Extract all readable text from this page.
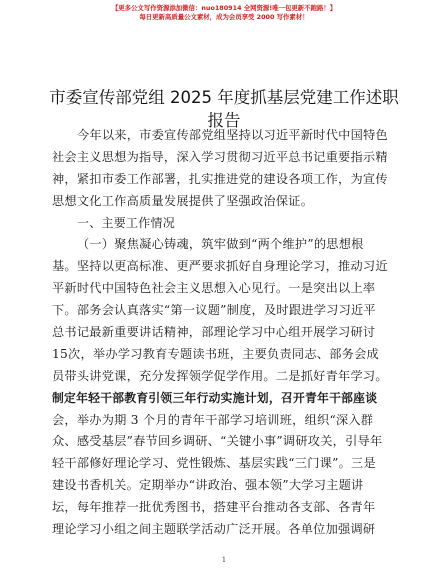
【更多公文写作资源添加微信：nuo180914 全网资源!唯一包更新不跑路！】
每日更新高质量公文素材，成为会员享受 2000 写作素材！
市委宣传部党组 2025 年度抓基层党建工作述职
报告
今年以来，市委宣传部党组坚持以习近平新时代中国特色
社会主义思想为指导，深入学习贯彻习近平总书记重要指示精
神，紧扣市委工作部署，扎实推进党的建设各项工作，为宣传
思想文化工作高质量发展提供了坚强政治保证。
一、主要工作情况
（一）聚焦凝心铸魂，筑牢做到“两个维护”的思想根
基。坚持以更高标准、更严要求抓好自身理论学习，推动习近
平新时代中国特色社会主义思想入心见行。一是突出以上率
下。部务会认真落实“第一议题”制度，及时跟进学习习近平
总书记最新重要讲话精神，部理论学习中心组开展学习研讨
15次，举办学习教育专题读书班，主要负责同志、部务会成
员带头讲党课，充分发挥领学促学作用。二是抓好青年学习。
制定年轻干部教育引领三年行动实施计划，召开青年干部座谈
会，举办为期 3 个月的青年干部学习培训班，组织“深入群
众、感受基层”春节回乡调研、“关键小事”调研攻关，引导年
轻干部修好理论学习、党性锻炼、基层实践“三门课”。三是
建设书香机关。定期举办“讲政治、强本领”大学习主题讲
坛，每年推荐一批优秀图书，搭建平台推动各支部、各青年
理论学习小组之间主题联学活动广泛开展。各单位加强调研
1
